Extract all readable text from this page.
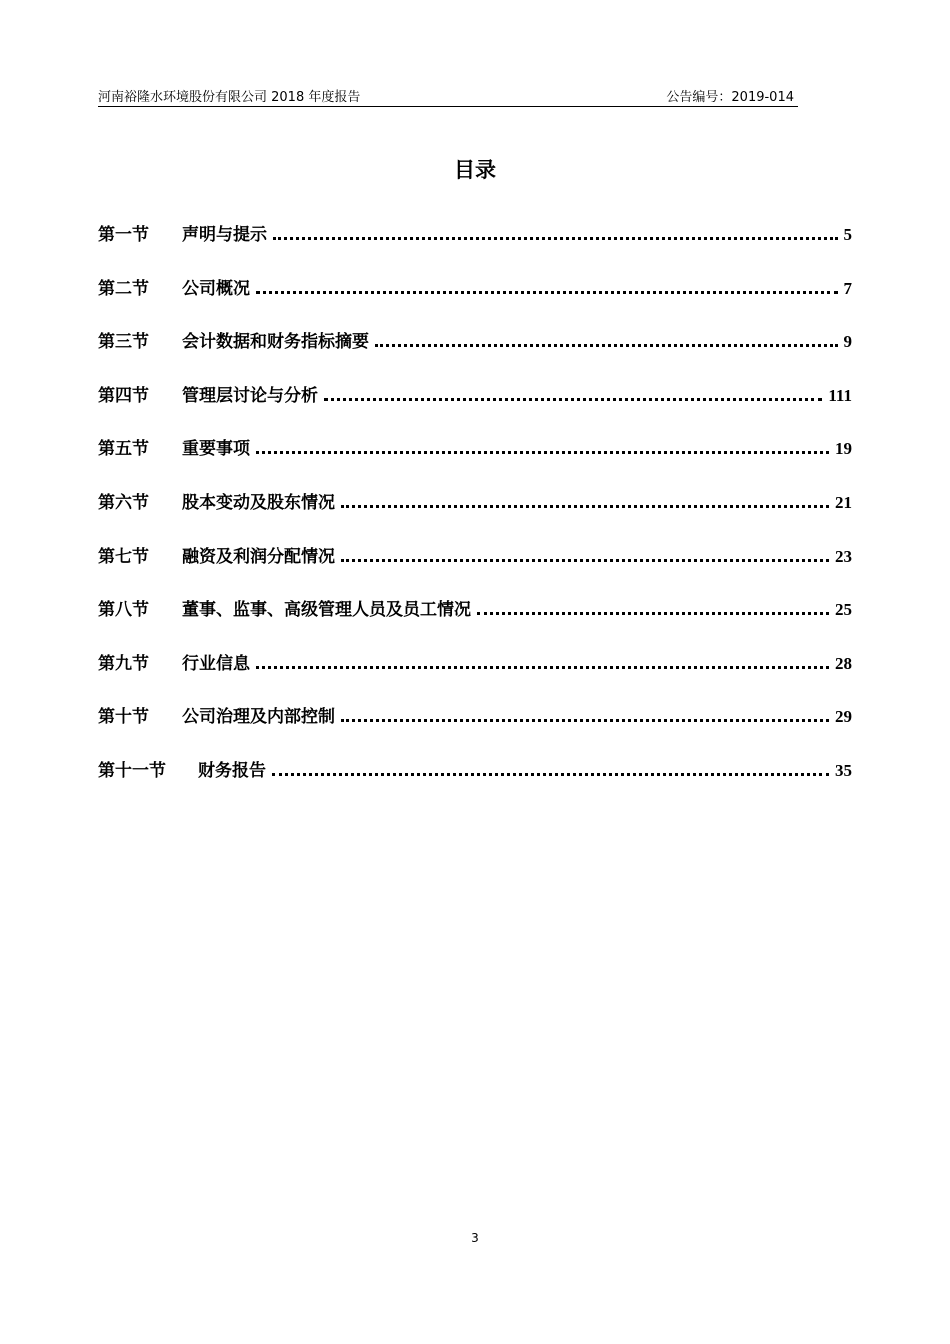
河南裕隆水环境股份有限公司 2018 年度报告	公告编号：2019-014
目录
第一节	声明与提示	5
第二节	公司概况	7
第三节	会计数据和财务指标摘要	9
第四节	管理层讨论与分析	111
第五节	重要事项	19
第六节	股本变动及股东情况	21
第七节	融资及利润分配情况	23
第八节	董事、监事、高级管理人员及员工情况	25
第九节	行业信息	28
第十节	公司治理及内部控制	29
第十一节	财务报告	35
3
